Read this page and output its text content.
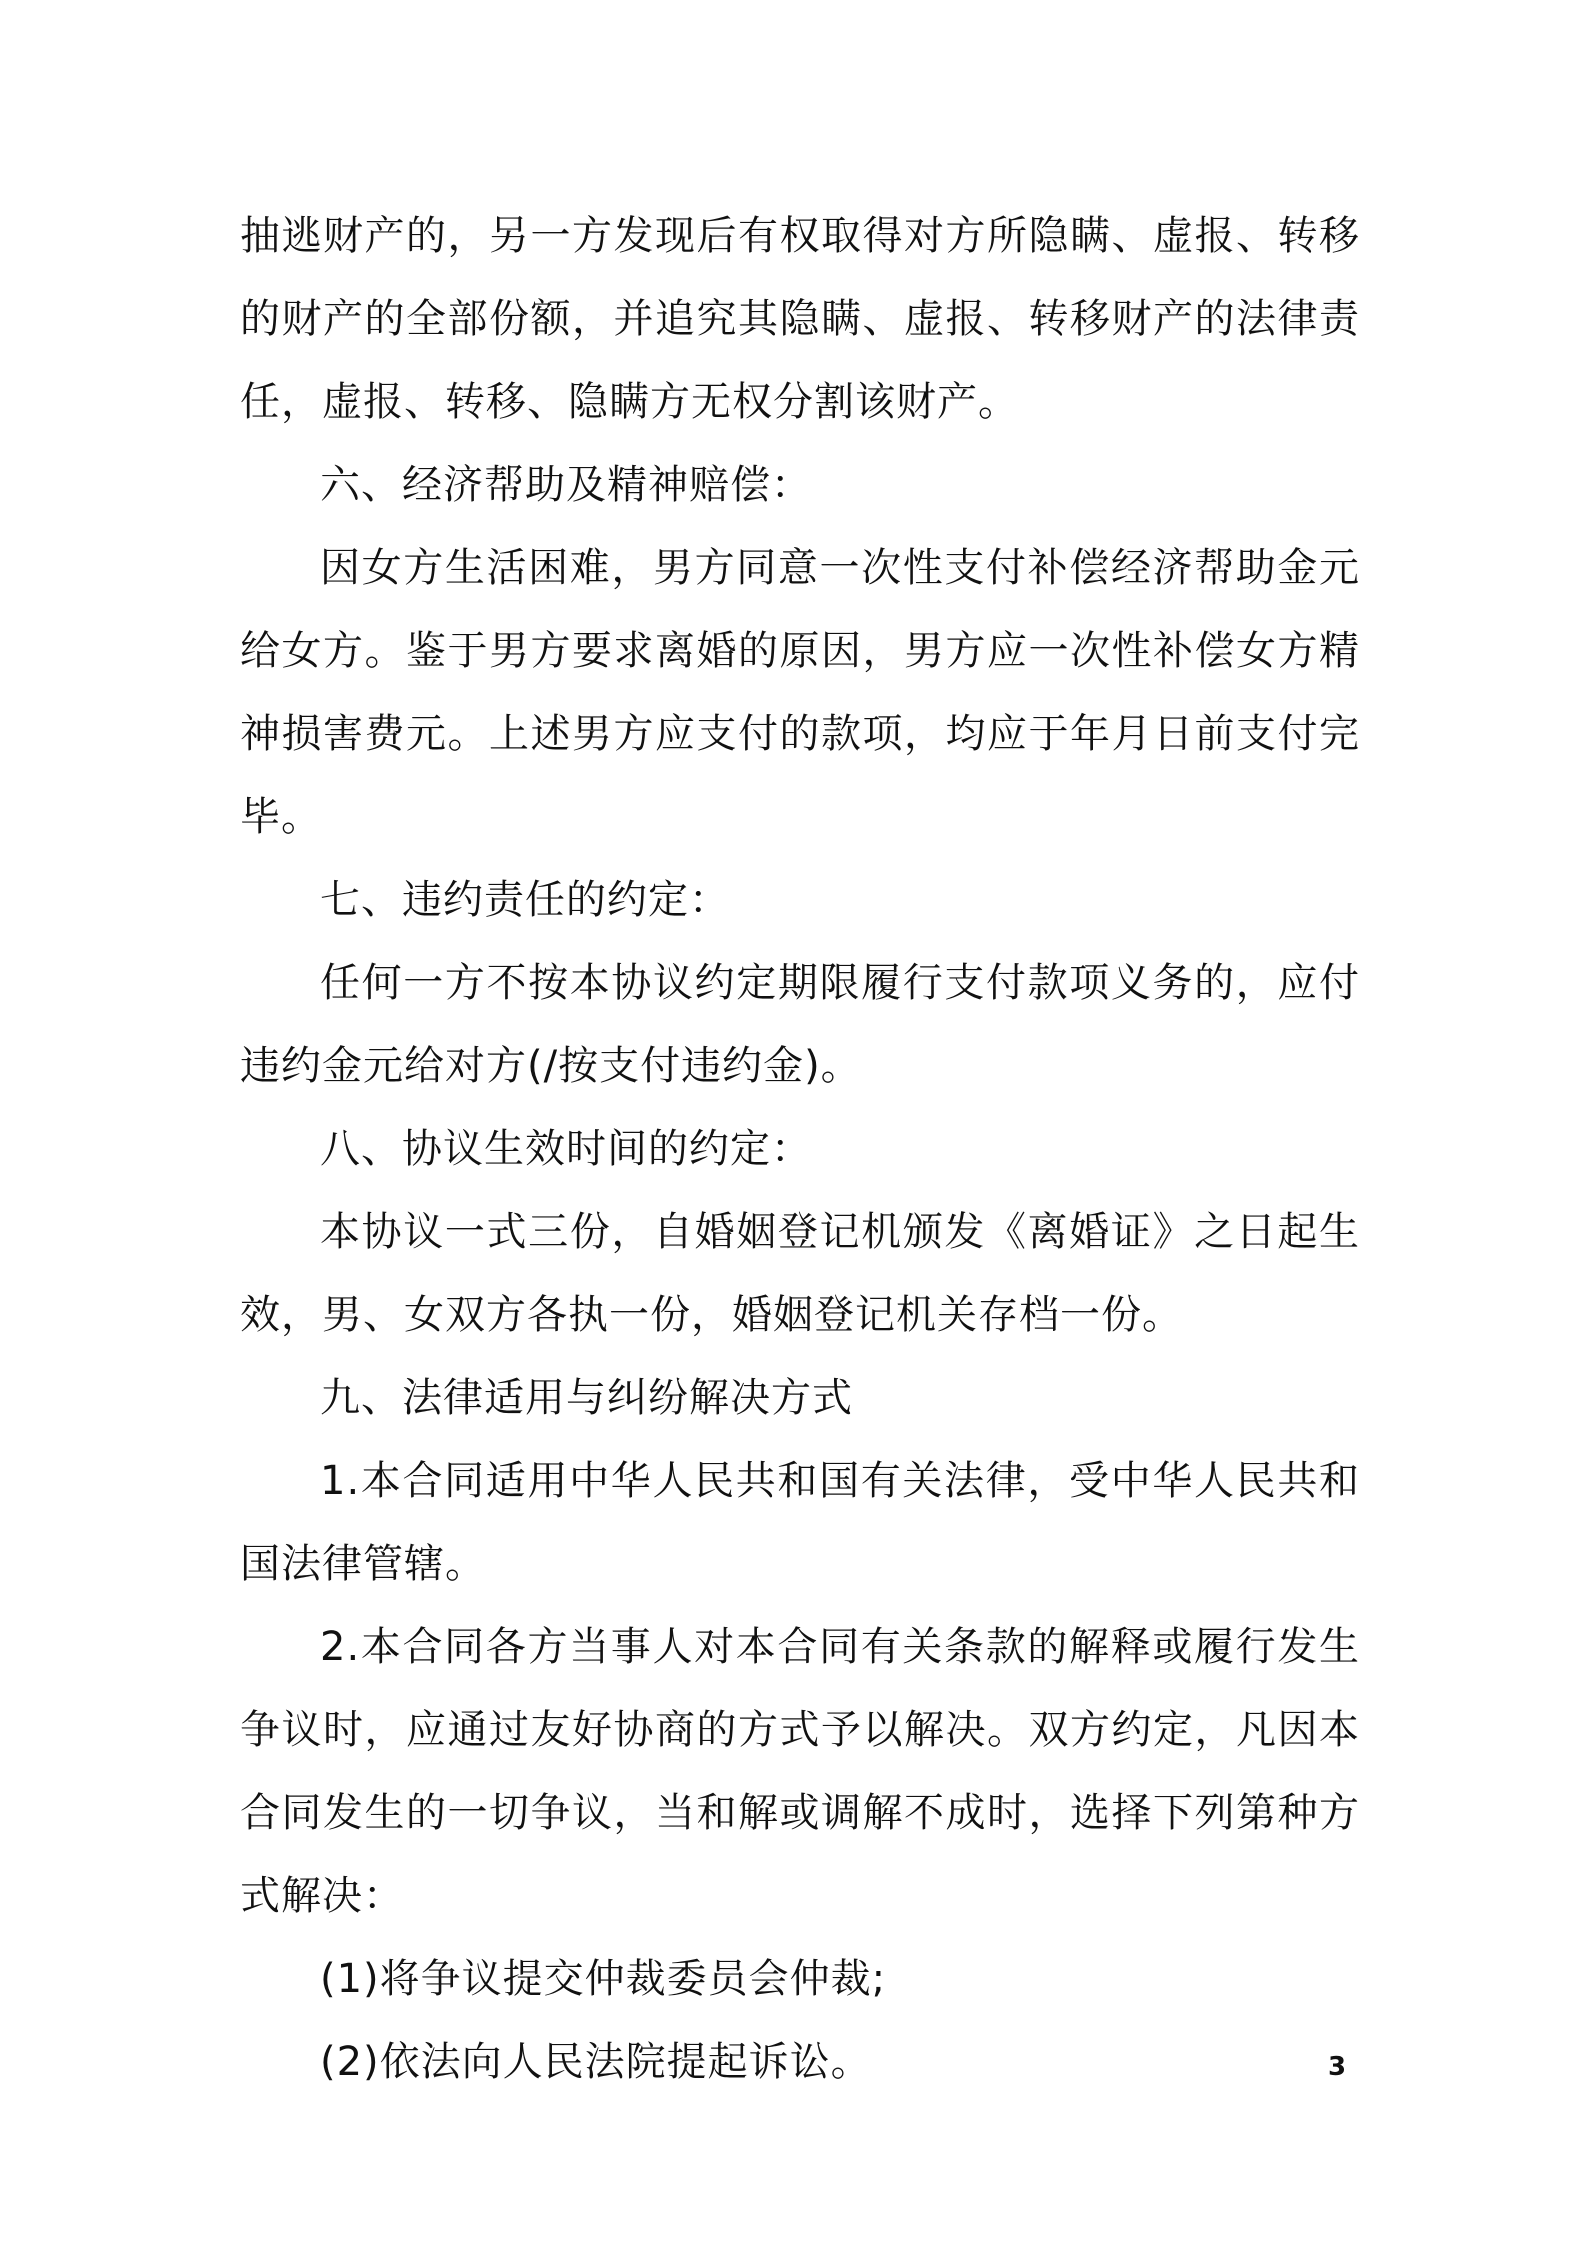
抽逃财产的，另一方发现后有权取得对方所隐瞒、虚报、转移的财产的全部份额，并追究其隐瞒、虚报、转移财产的法律责任，虚报、转移、隐瞒方无权分割该财产。

六、经济帮助及精神赔偿：

因女方生活困难，男方同意一次性支付补偿经济帮助金元给女方。鉴于男方要求离婚的原因，男方应一次性补偿女方精神损害费元。上述男方应支付的款项，均应于年月日前支付完毕。

七、违约责任的约定：

任何一方不按本协议约定期限履行支付款项义务的，应付违约金元给对方(/按支付违约金)。

八、协议生效时间的约定：

本协议一式三份，自婚姻登记机颁发《离婚证》之日起生效，男、女双方各执一份，婚姻登记机关存档一份。

九、法律适用与纠纷解决方式

1.本合同适用中华人民共和国有关法律，受中华人民共和国法律管辖。

2.本合同各方当事人对本合同有关条款的解释或履行发生争议时，应通过友好协商的方式予以解决。双方约定，凡因本合同发生的一切争议，当和解或调解不成时，选择下列第种方式解决：

(1)将争议提交仲裁委员会仲裁;

(2)依法向人民法院提起诉讼。	3
